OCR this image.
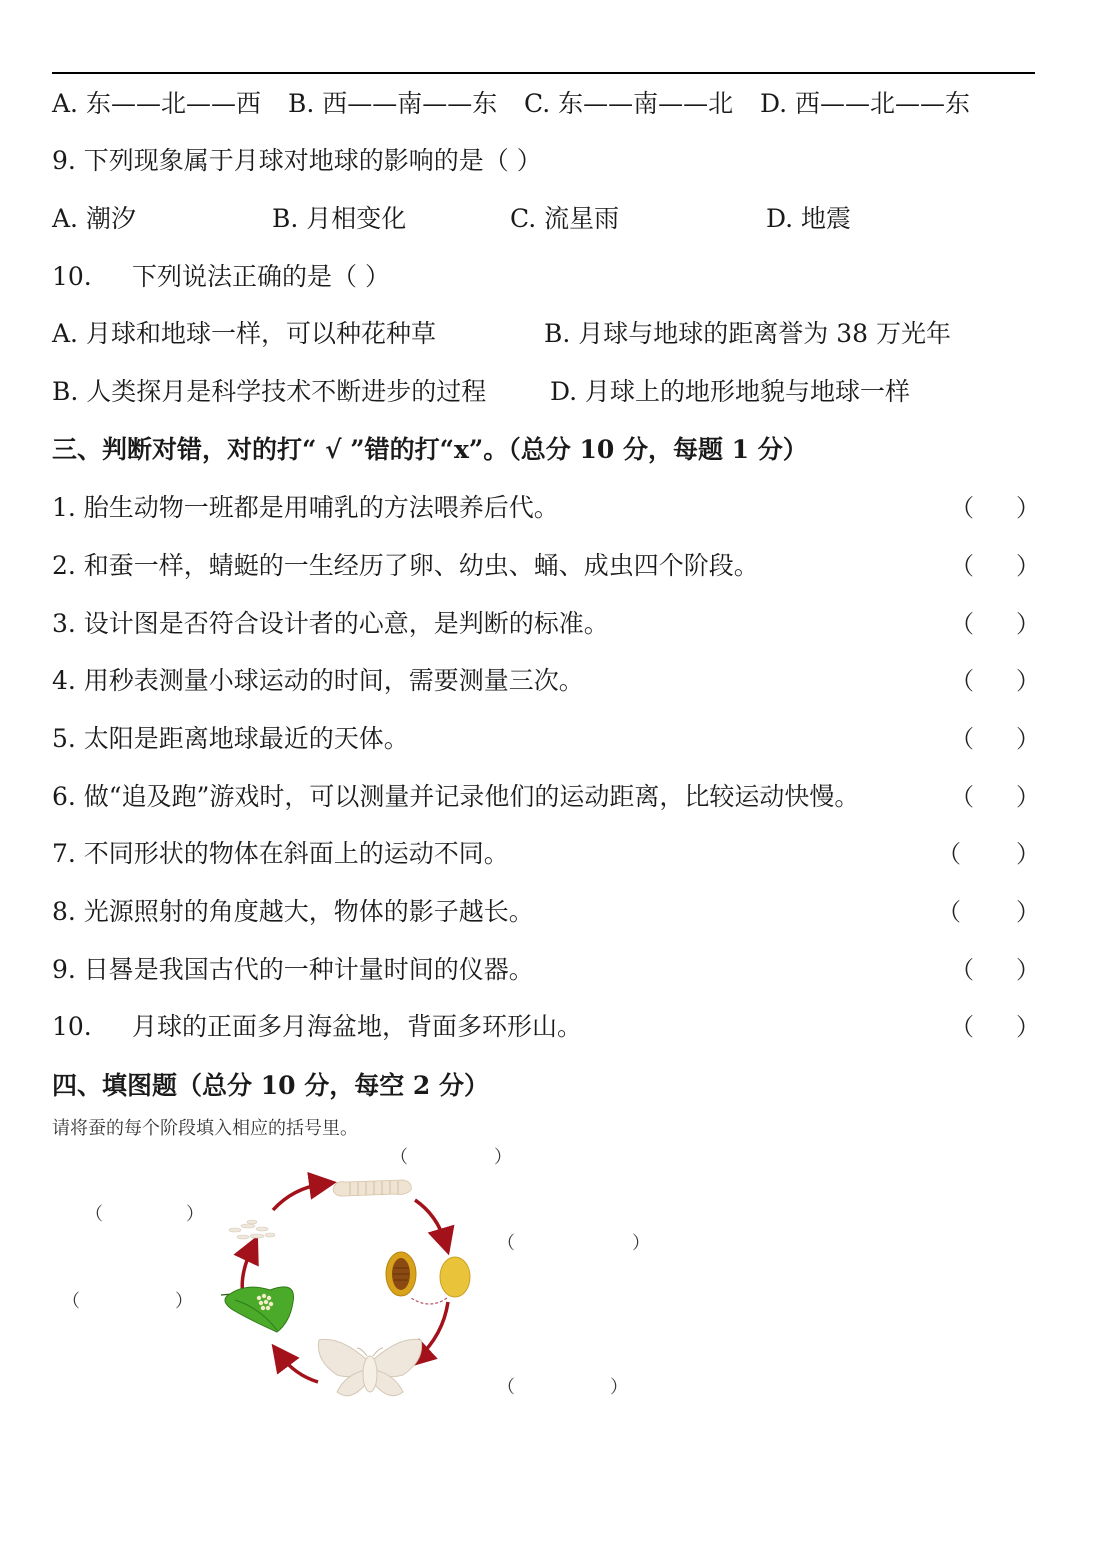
A. 东——北——西 B. 西——南——东 C. 东——南——北 D. 西——北——东
9. 下列现象属于月球对地球的影响的是（ ）
A. 潮汐	B. 月相变化	C. 流星雨	D. 地震
10. 下列说法正确的是（ ）
A. 月球和地球一样，可以种花种草	B. 月球与地球的距离誉为 38 万光年
B. 人类探月是科学技术不断进步的过程	D. 月球上的地形地貌与地球一样
三、判断对错，对的打“ √ ”错的打“x”。（总分 10 分，每题 1 分）
1. 胎生动物一班都是用哺乳的方法喂养后代。	（ ）
2. 和蚕一样，蜻蜓的一生经历了卵、幼虫、蛹、成虫四个阶段。	（ ）
3. 设计图是否符合设计者的心意，是判断的标准。	（ ）
4. 用秒表测量小球运动的时间，需要测量三次。	（ ）
5. 太阳是距离地球最近的天体。	（ ）
6. 做“追及跑”游戏时，可以测量并记录他们的运动距离，比较运动快慢。	（ ）
7. 不同形状的物体在斜面上的运动不同。	（ ）
8. 光源照射的角度越大，物体的影子越长。	（ ）
9. 日晷是我国古代的一种计量时间的仪器。	（ ）
10. 月球的正面多月海盆地，背面多环形山。	（ ）
四、填图题（总分 10 分，每空 2 分）
请将蚕的每个阶段填入相应的括号里。
（	）
（	）
（	）
（	）
（	）
